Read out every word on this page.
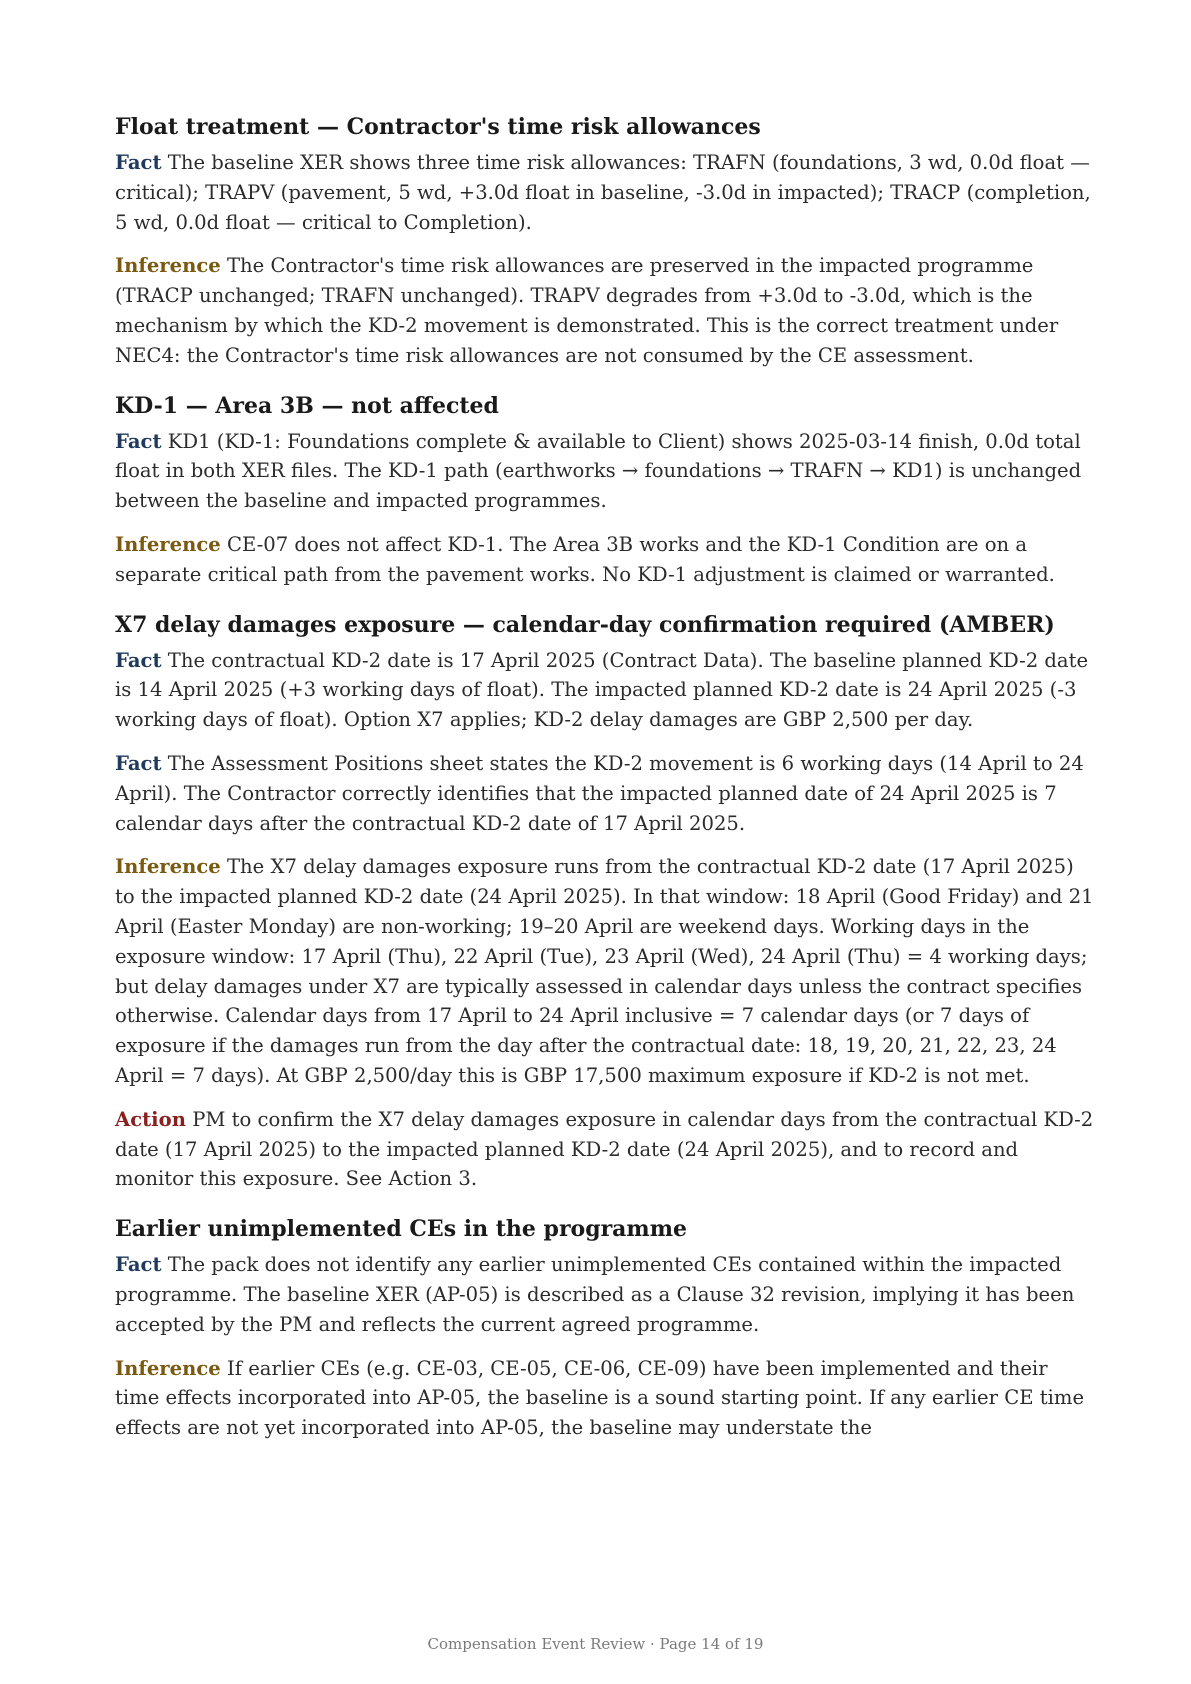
Float treatment — Contractor's time risk allowances

Fact The baseline XER shows three time risk allowances: TRAFN (foundations, 3 wd, 0.0d float — critical); TRAPV (pavement, 5 wd, +3.0d float in baseline, -3.0d in impacted); TRACP (completion, 5 wd, 0.0d float — critical to Completion).

Inference The Contractor's time risk allowances are preserved in the impacted programme (TRACP unchanged; TRAFN unchanged). TRAPV degrades from +3.0d to -3.0d, which is the mechanism by which the KD-2 movement is demonstrated. This is the correct treatment under NEC4: the Contractor's time risk allowances are not consumed by the CE assessment.

KD-1 — Area 3B — not affected

Fact KD1 (KD-1: Foundations complete & available to Client) shows 2025-03-14 finish, 0.0d total float in both XER files. The KD-1 path (earthworks → foundations → TRAFN → KD1) is unchanged between the baseline and impacted programmes.

Inference CE-07 does not affect KD-1. The Area 3B works and the KD-1 Condition are on a separate critical path from the pavement works. No KD-1 adjustment is claimed or warranted.

X7 delay damages exposure — calendar-day confirmation required (AMBER)

Fact The contractual KD-2 date is 17 April 2025 (Contract Data). The baseline planned KD-2 date is 14 April 2025 (+3 working days of float). The impacted planned KD-2 date is 24 April 2025 (-3 working days of float). Option X7 applies; KD-2 delay damages are GBP 2,500 per day.

Fact The Assessment Positions sheet states the KD-2 movement is 6 working days (14 April to 24 April). The Contractor correctly identifies that the impacted planned date of 24 April 2025 is 7 calendar days after the contractual KD-2 date of 17 April 2025.

Inference The X7 delay damages exposure runs from the contractual KD-2 date (17 April 2025) to the impacted planned KD-2 date (24 April 2025). In that window: 18 April (Good Friday) and 21 April (Easter Monday) are non-working; 19–20 April are weekend days. Working days in the exposure window: 17 April (Thu), 22 April (Tue), 23 April (Wed), 24 April (Thu) = 4 working days; but delay damages under X7 are typically assessed in calendar days unless the contract specifies otherwise. Calendar days from 17 April to 24 April inclusive = 7 calendar days (or 7 days of exposure if the damages run from the day after the contractual date: 18, 19, 20, 21, 22, 23, 24 April = 7 days). At GBP 2,500/day this is GBP 17,500 maximum exposure if KD-2 is not met.

Action PM to confirm the X7 delay damages exposure in calendar days from the contractual KD-2 date (17 April 2025) to the impacted planned KD-2 date (24 April 2025), and to record and monitor this exposure. See Action 3.

Earlier unimplemented CEs in the programme

Fact The pack does not identify any earlier unimplemented CEs contained within the impacted programme. The baseline XER (AP-05) is described as a Clause 32 revision, implying it has been accepted by the PM and reflects the current agreed programme.

Inference If earlier CEs (e.g. CE-03, CE-05, CE-06, CE-09) have been implemented and their time effects incorporated into AP-05, the baseline is a sound starting point. If any earlier CE time effects are not yet incorporated into AP-05, the baseline may understate the

Compensation Event Review · Page 14 of 19
